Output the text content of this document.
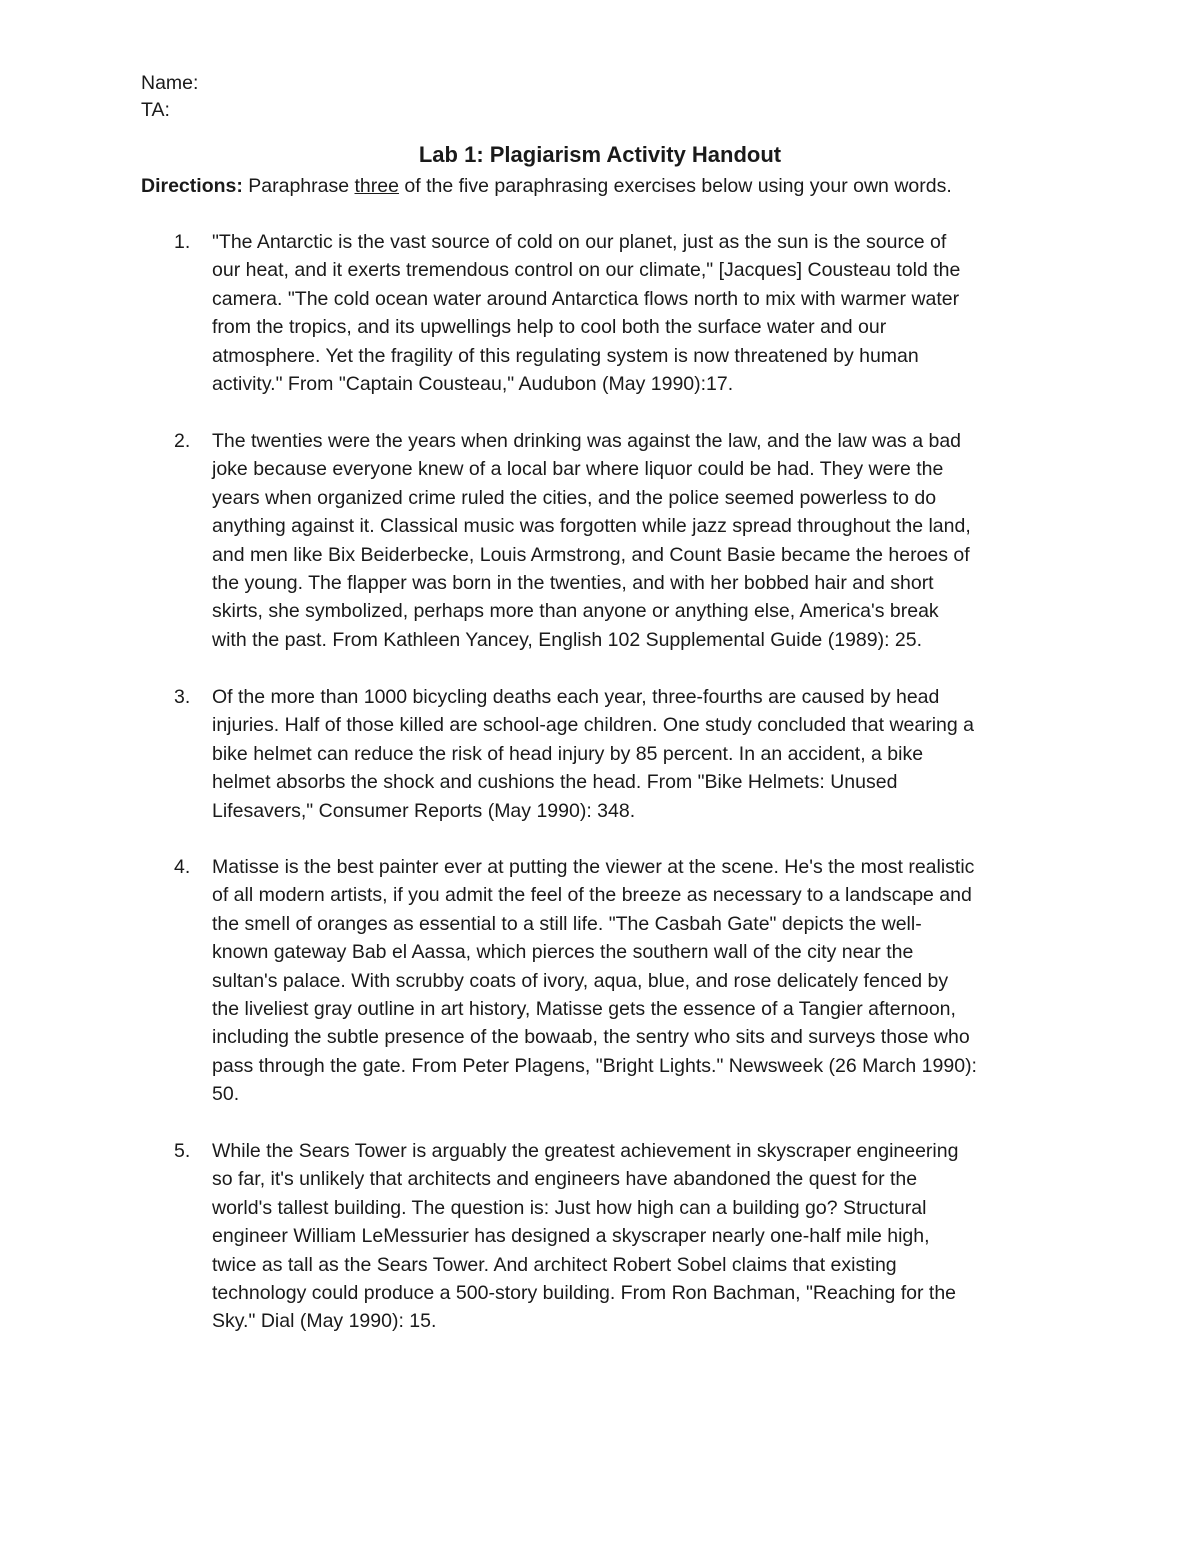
Name:
TA:
Lab 1: Plagiarism Activity Handout
Directions: Paraphrase three of the five paraphrasing exercises below using your own words.
1.	"The Antarctic is the vast source of cold on our planet, just as the sun is the source of
our heat, and it exerts tremendous control on our climate," [Jacques] Cousteau told the
camera. "The cold ocean water around Antarctica flows north to mix with warmer water
from the tropics, and its upwellings help to cool both the surface water and our
atmosphere. Yet the fragility of this regulating system is now threatened by human
activity." From "Captain Cousteau," Audubon (May 1990):17.
2.	The twenties were the years when drinking was against the law, and the law was a bad
joke because everyone knew of a local bar where liquor could be had. They were the
years when organized crime ruled the cities, and the police seemed powerless to do
anything against it. Classical music was forgotten while jazz spread throughout the land,
and men like Bix Beiderbecke, Louis Armstrong, and Count Basie became the heroes of
the young. The flapper was born in the twenties, and with her bobbed hair and short
skirts, she symbolized, perhaps more than anyone or anything else, America's break
with the past. From Kathleen Yancey, English 102 Supplemental Guide (1989): 25.
3.	Of the more than 1000 bicycling deaths each year, three-fourths are caused by head
injuries. Half of those killed are school-age children. One study concluded that wearing a
bike helmet can reduce the risk of head injury by 85 percent. In an accident, a bike
helmet absorbs the shock and cushions the head. From "Bike Helmets: Unused
Lifesavers," Consumer Reports (May 1990): 348.
4.	Matisse is the best painter ever at putting the viewer at the scene. He's the most realistic
of all modern artists, if you admit the feel of the breeze as necessary to a landscape and
the smell of oranges as essential to a still life. "The Casbah Gate" depicts the well-
known gateway Bab el Aassa, which pierces the southern wall of the city near the
sultan's palace. With scrubby coats of ivory, aqua, blue, and rose delicately fenced by
the liveliest gray outline in art history, Matisse gets the essence of a Tangier afternoon,
including the subtle presence of the bowaab, the sentry who sits and surveys those who
pass through the gate. From Peter Plagens, "Bright Lights." Newsweek (26 March 1990):
50.
5.	While the Sears Tower is arguably the greatest achievement in skyscraper engineering
so far, it's unlikely that architects and engineers have abandoned the quest for the
world's tallest building. The question is: Just how high can a building go? Structural
engineer William LeMessurier has designed a skyscraper nearly one-half mile high,
twice as tall as the Sears Tower. And architect Robert Sobel claims that existing
technology could produce a 500-story building. From Ron Bachman, "Reaching for the
Sky." Dial (May 1990): 15.
